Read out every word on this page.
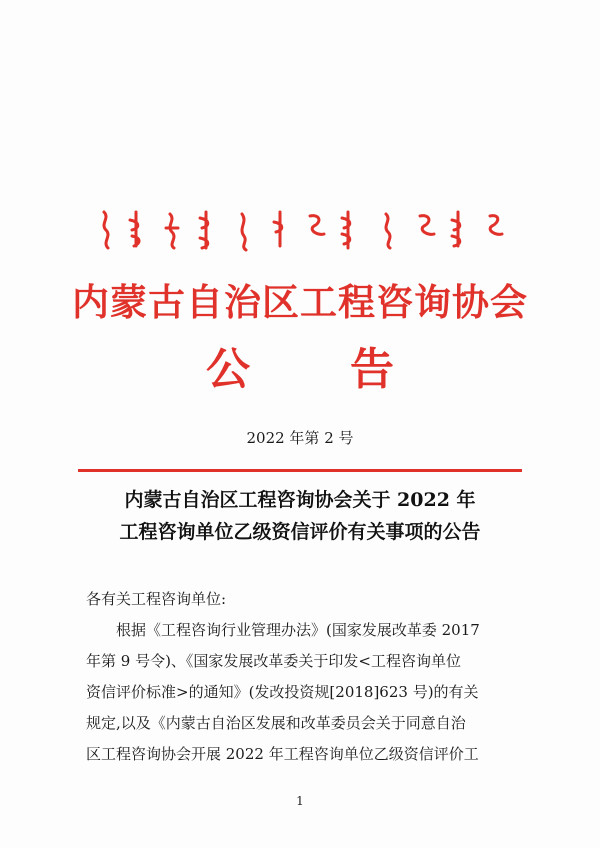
内蒙古自治区工程咨询协会
公告

2022 年第 2 号

内蒙古自治区工程咨询协会关于 2022 年
工程咨询单位乙级资信评价有关事项的公告
各有关工程咨询单位:
根据《工程咨询行业管理办法》(国家发展改革委 2017
年第 9 号令)、《国家发展改革委关于印发<工程咨询单位
资信评价标准>的通知》(发改投资规[2018]623 号)的有关
规定,以及《内蒙古自治区发展和改革委员会关于同意自治
区工程咨询协会开展 2022 年工程咨询单位乙级资信评价工

1
